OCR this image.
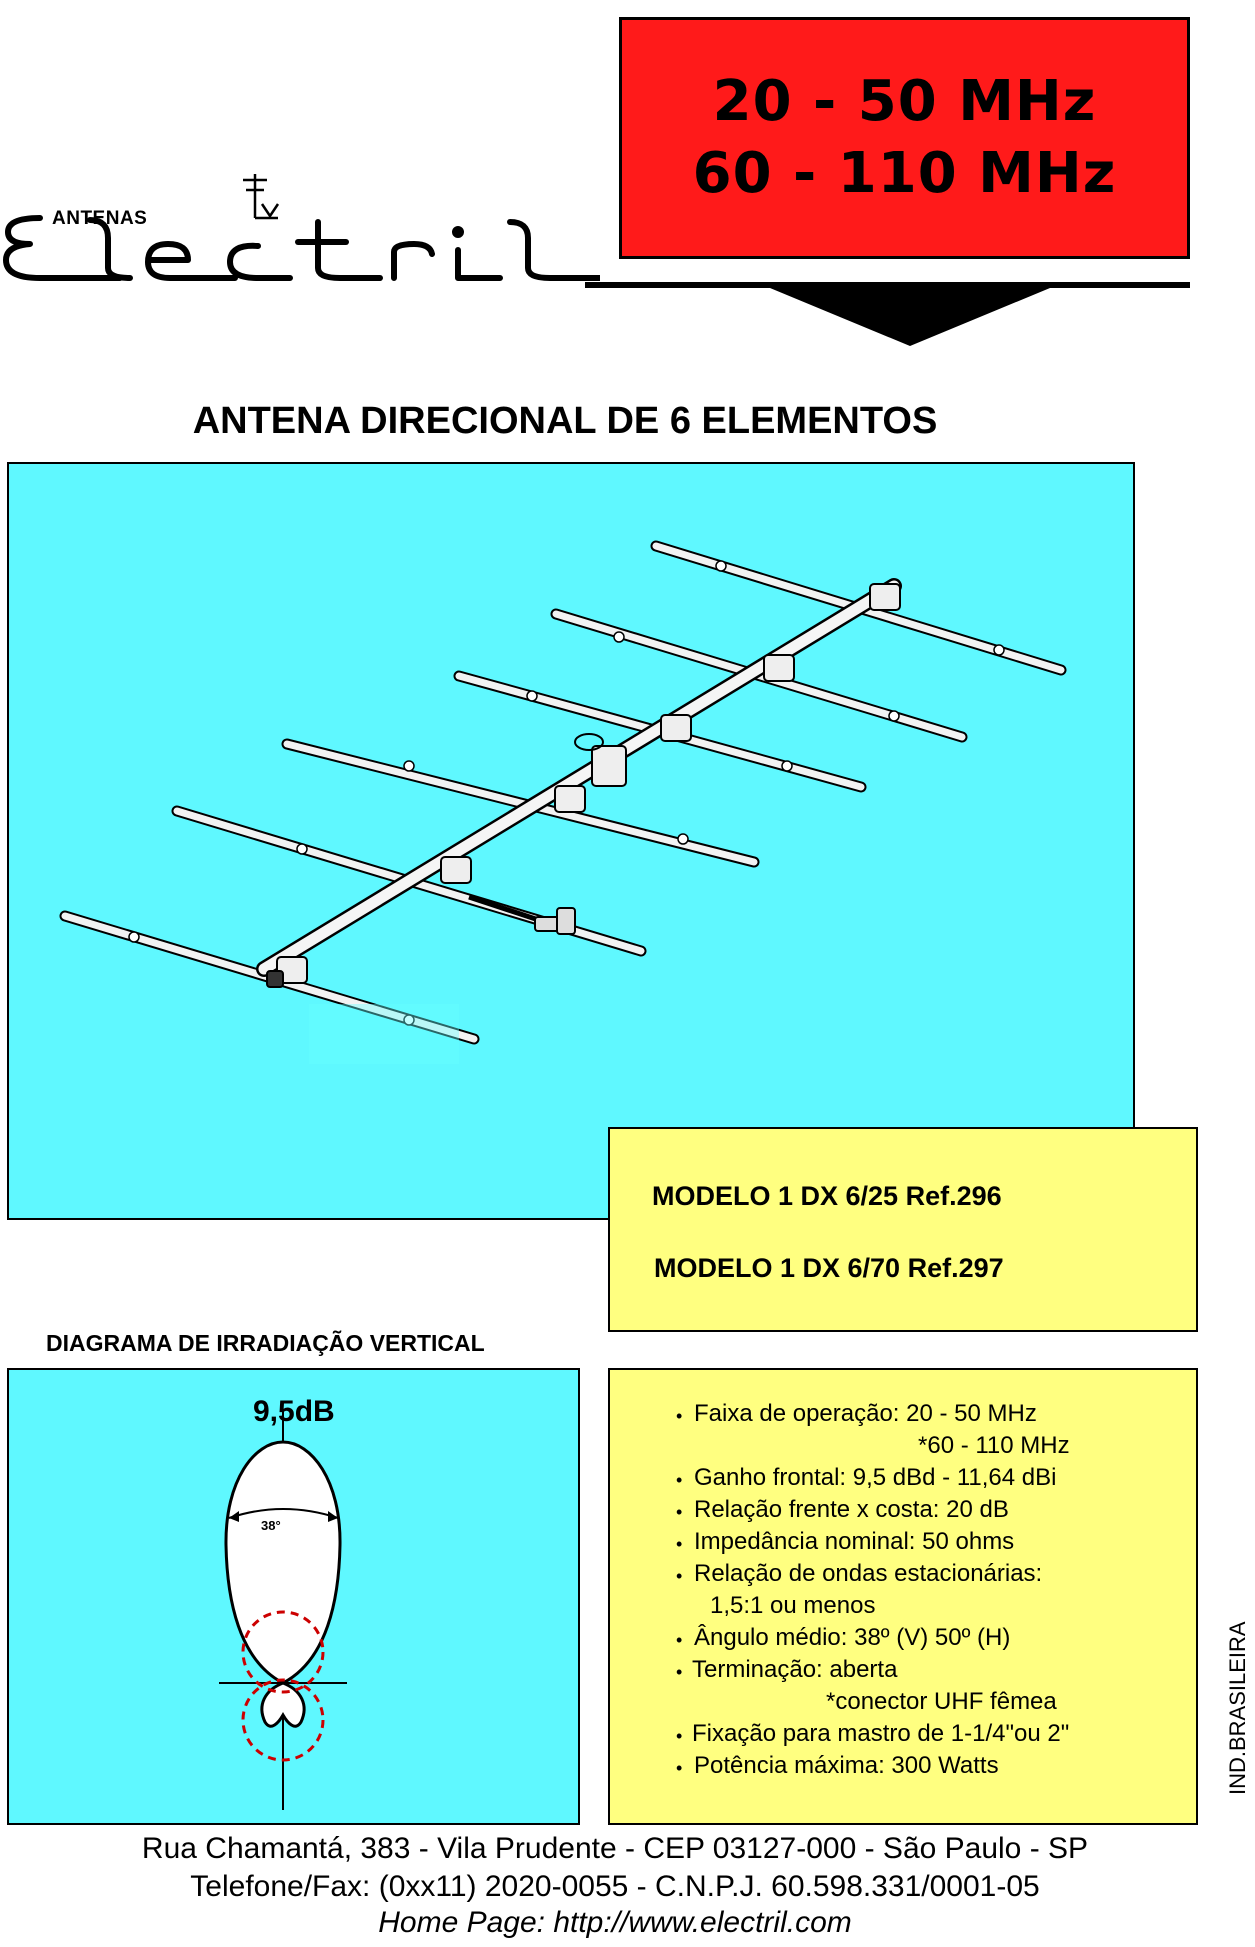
ANTENAS
20 - 50 MHz
60 - 110 MHz
ANTENA DIRECIONAL DE 6 ELEMENTOS
MODELO 1 DX 6/25 Ref.296
MODELO 1 DX 6/70 Ref.297
DIAGRAMA DE IRRADIAÇÃO VERTICAL
38°
9,5dB	• Faixa de operação: 20 - 50 MHz
*60 - 110 MHz
• Ganho frontal: 9,5 dBd - 11,64 dBi
• Relação frente x costa: 20 dB
• Impedância nominal: 50 ohms
• Relação de ondas estacionárias:
1,5:1 ou menos
• Ângulo médio: 38º (V) 50º (H)
• Terminação: aberta
*conector UHF fêmea
• Fixação para mastro de 1-1/4"ou 2"
• Potência máxima: 300 Watts	IND.BRASILEIRA
Rua Chamantá, 383 - Vila Prudente - CEP 03127-000 - São Paulo - SP
Telefone/Fax: (0xx11) 2020-0055 - C.N.P.J. 60.598.331/0001-05
Home Page: http://www.electril.com
